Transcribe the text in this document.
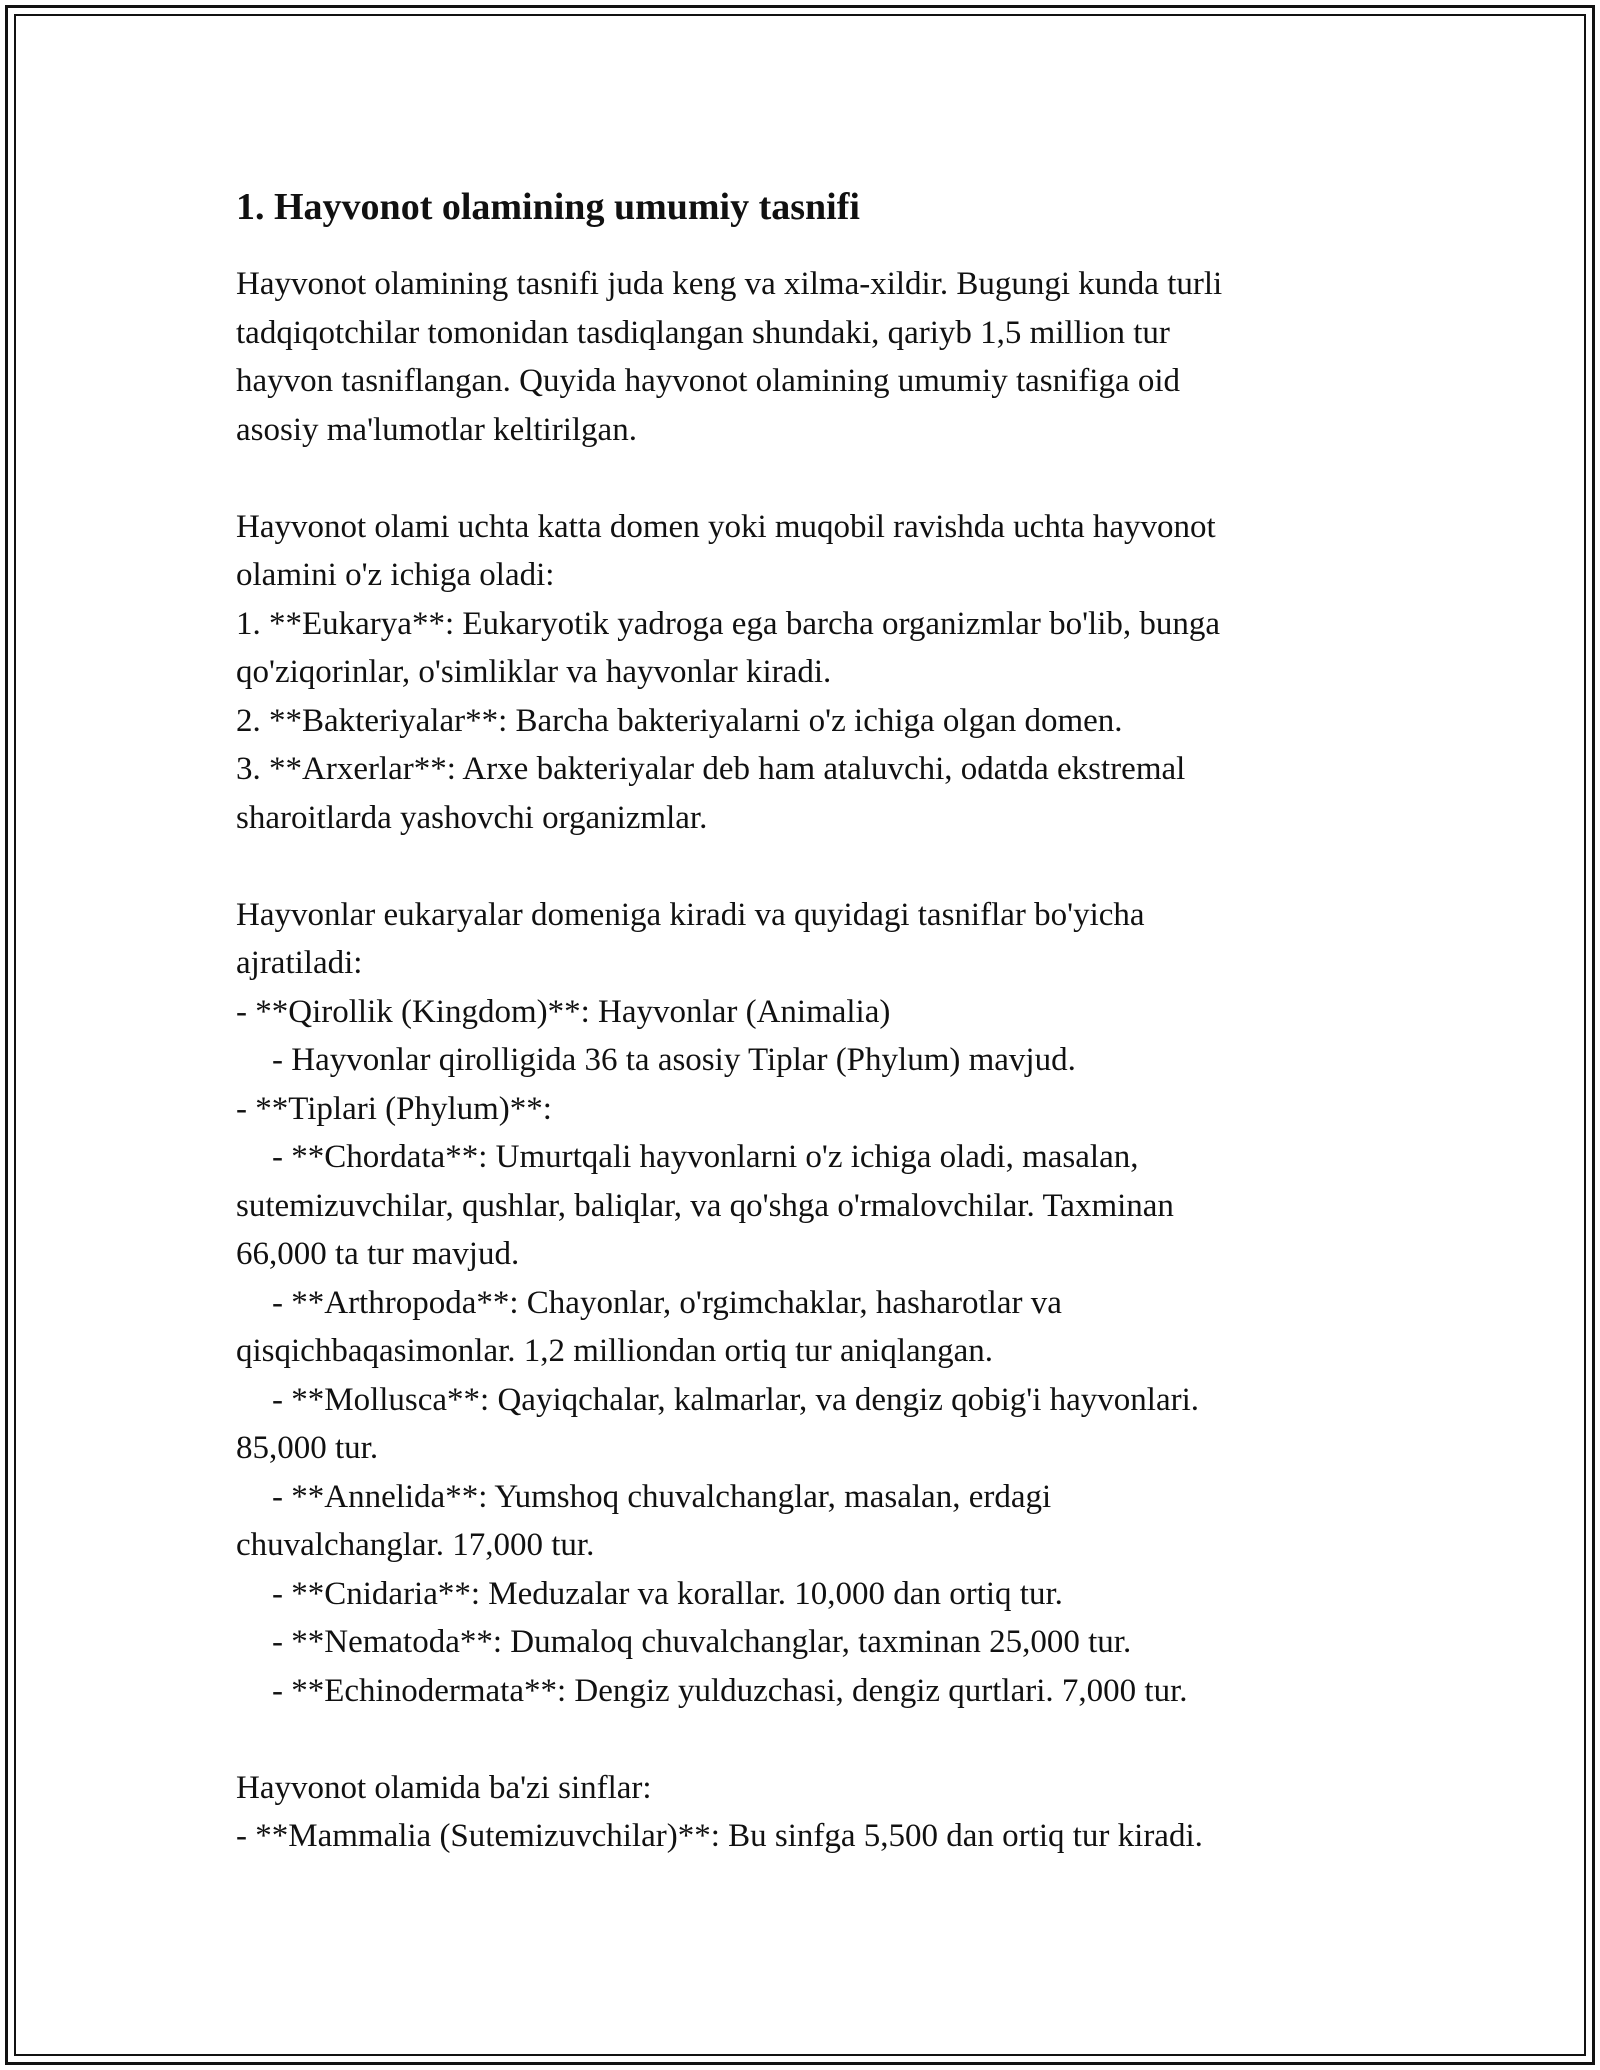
1. Hayvonot olamining umumiy tasnifi
Hayvonot olamining tasnifi juda keng va xilma-xildir. Bugungi kunda turli
tadqiqotchilar tomonidan tasdiqlangan shundaki, qariyb 1,5 million tur
hayvon tasniflangan. Quyida hayvonot olamining umumiy tasnifiga oid
asosiy ma'lumotlar keltirilgan.
Hayvonot olami uchta katta domen yoki muqobil ravishda uchta hayvonot
olamini o'z ichiga oladi:
1. **Eukarya**: Eukaryotik yadroga ega barcha organizmlar bo'lib, bunga
qo'ziqorinlar, o'simliklar va hayvonlar kiradi.
2. **Bakteriyalar**: Barcha bakteriyalarni o'z ichiga olgan domen.
3. **Arxerlar**: Arxe bakteriyalar deb ham ataluvchi, odatda ekstremal
sharoitlarda yashovchi organizmlar.
Hayvonlar eukaryalar domeniga kiradi va quyidagi tasniflar bo'yicha
ajratiladi:
- **Qirollik (Kingdom)**: Hayvonlar (Animalia)
- Hayvonlar qirolligida 36 ta asosiy Tiplar (Phylum) mavjud.
- **Tiplari (Phylum)**:
- **Chordata**: Umurtqali hayvonlarni o'z ichiga oladi, masalan,
sutemizuvchilar, qushlar, baliqlar, va qo'shga o'rmalovchilar. Taxminan
66,000 ta tur mavjud.
- **Arthropoda**: Chayonlar, o'rgimchaklar, hasharotlar va
qisqichbaqasimonlar. 1,2 milliondan ortiq tur aniqlangan.
- **Mollusca**: Qayiqchalar, kalmarlar, va dengiz qobig'i hayvonlari.
85,000 tur.
- **Annelida**: Yumshoq chuvalchanglar, masalan, erdagi
chuvalchanglar. 17,000 tur.
- **Cnidaria**: Meduzalar va korallar. 10,000 dan ortiq tur.
- **Nematoda**: Dumaloq chuvalchanglar, taxminan 25,000 tur.
- **Echinodermata**: Dengiz yulduzchasi, dengiz qurtlari. 7,000 tur.
Hayvonot olamida ba'zi sinflar:
- **Mammalia (Sutemizuvchilar)**: Bu sinfga 5,500 dan ortiq tur kiradi.
